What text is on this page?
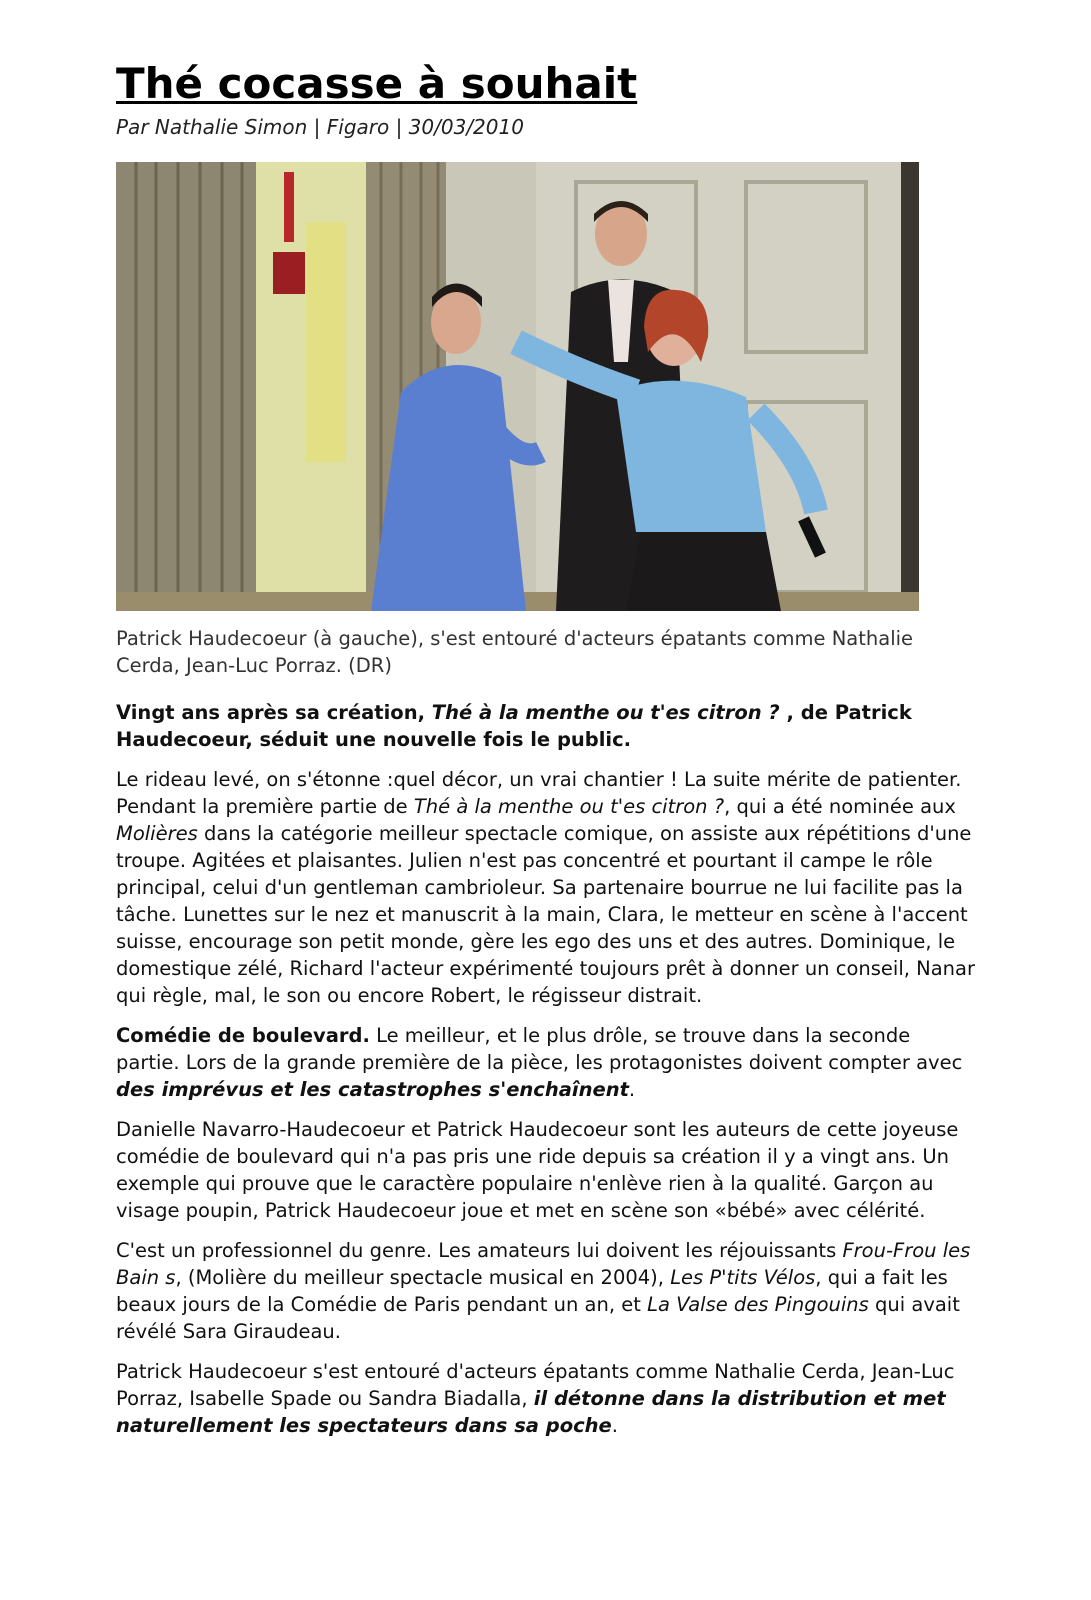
Thé cocasse à souhait
Par Nathalie Simon | Figaro | 30/03/2010
Patrick Haudecoeur (à gauche), s'est entouré d'acteurs épatants comme Nathalie Cerda, Jean-Luc Porraz. (DR)

Vingt ans après sa création, Thé à la menthe ou t'es citron ? , de Patrick Haudecoeur, séduit une nouvelle fois le public.

Le rideau levé, on s'étonne :quel décor, un vrai chantier ! La suite mérite de patienter. Pendant la première partie de Thé à la menthe ou t'es citron ?, qui a été nominée aux Molières dans la catégorie meilleur spectacle comique, on assiste aux répétitions d'une troupe. Agitées et plaisantes. Julien n'est pas concentré et pourtant il campe le rôle principal, celui d'un gentleman cambrioleur. Sa partenaire bourrue ne lui facilite pas la tâche. Lunettes sur le nez et manuscrit à la main, Clara, le metteur en scène à l'accent suisse, encourage son petit monde, gère les ego des uns et des autres. Dominique, le domestique zélé, Richard l'acteur expérimenté toujours prêt à donner un conseil, Nanar qui règle, mal, le son ou encore Robert, le régisseur distrait.

Comédie de boulevard. Le meilleur, et le plus drôle, se trouve dans la seconde partie. Lors de la grande première de la pièce, les protagonistes doivent compter avec des imprévus et les catastrophes s'enchaînent.

Danielle Navarro-Haudecoeur et Patrick Haudecoeur sont les auteurs de cette joyeuse comédie de boulevard qui n'a pas pris une ride depuis sa création il y a vingt ans. Un exemple qui prouve que le caractère populaire n'enlève rien à la qualité. Garçon au visage poupin, Patrick Haudecoeur joue et met en scène son «bébé» avec célérité.

C'est un professionnel du genre. Les amateurs lui doivent les réjouissants Frou-Frou les Bain s, (Molière du meilleur spectacle musical en 2004), Les P'tits Vélos, qui a fait les beaux jours de la Comédie de Paris pendant un an, et La Valse des Pingouins qui avait révélé Sara Giraudeau.

Patrick Haudecoeur s'est entouré d'acteurs épatants comme Nathalie Cerda, Jean-Luc Porraz, Isabelle Spade ou Sandra Biadalla, il détonne dans la distribution et met naturellement les spectateurs dans sa poche.
